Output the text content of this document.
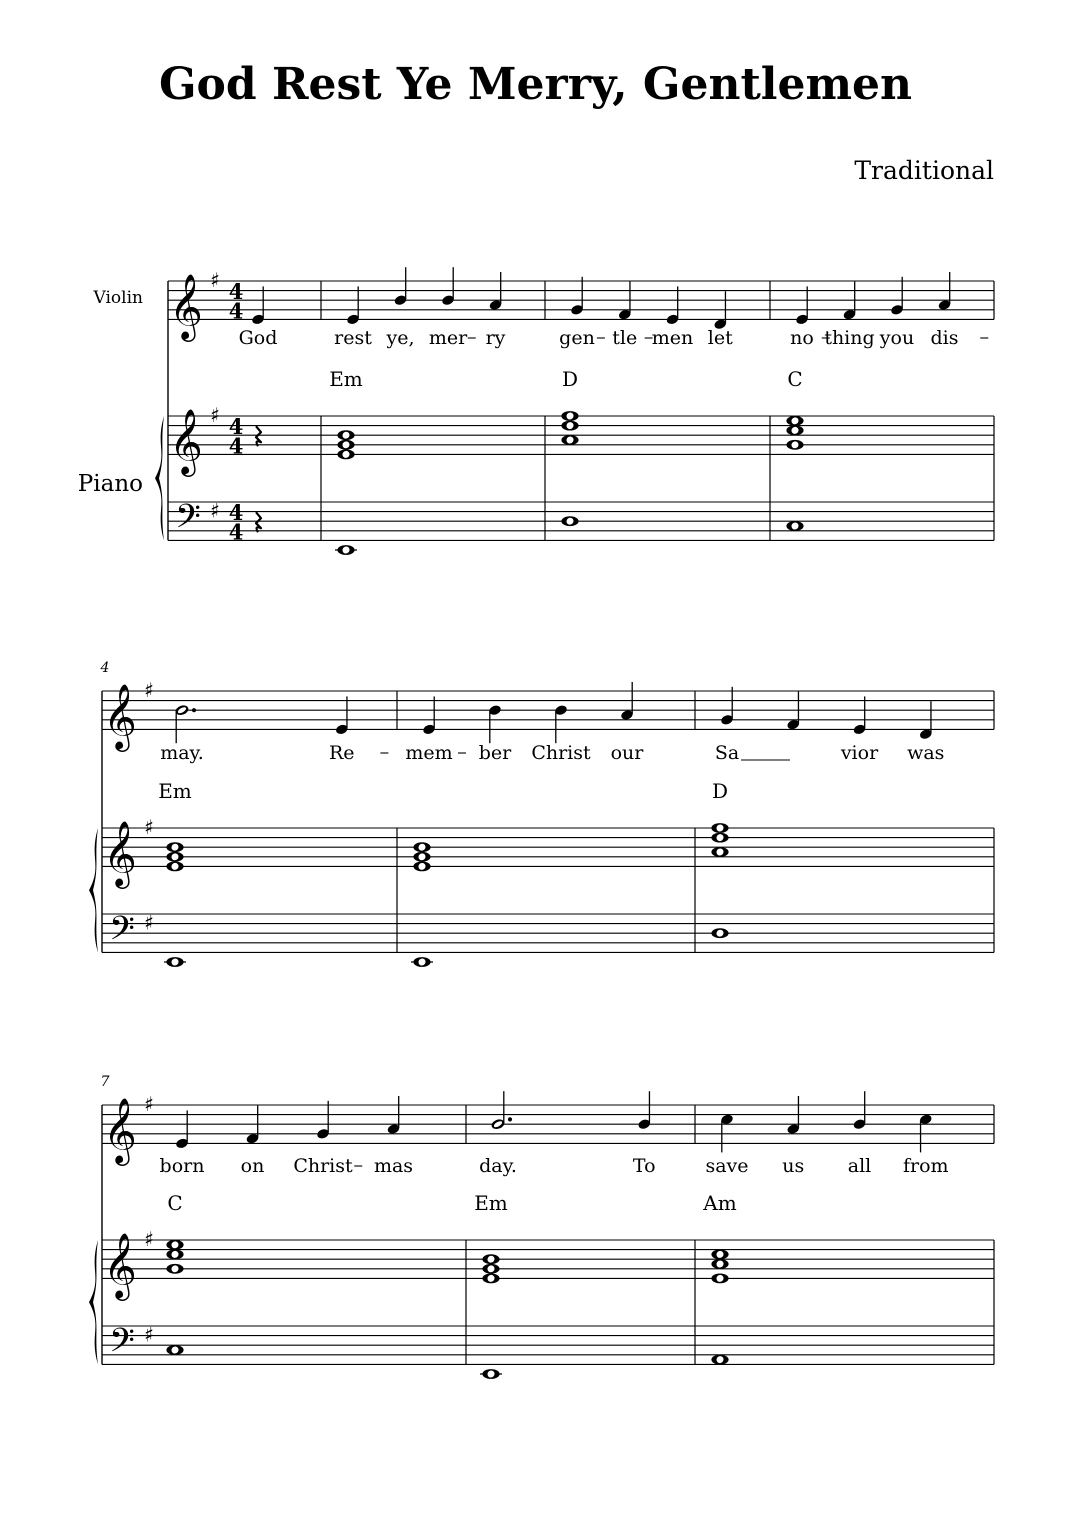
God Rest Ye Merry, Gentlemen
Traditional
𝄞
𝄞
𝄢
♯
♯
♯
4
4
4
4
4
4
Violin
Piano
God	rest ye, mer ry
Em
gen tle men let
D
no thing you dis
C
𝄞
𝄞
𝄢
♯
♯
♯
4
may.	Re
Em
mem ber Christ our	Sa	vior was
D
𝄞
𝄞
𝄢
♯
♯
♯
7
born on Christ mas
C
day.	To
Em
save us all from
Am
